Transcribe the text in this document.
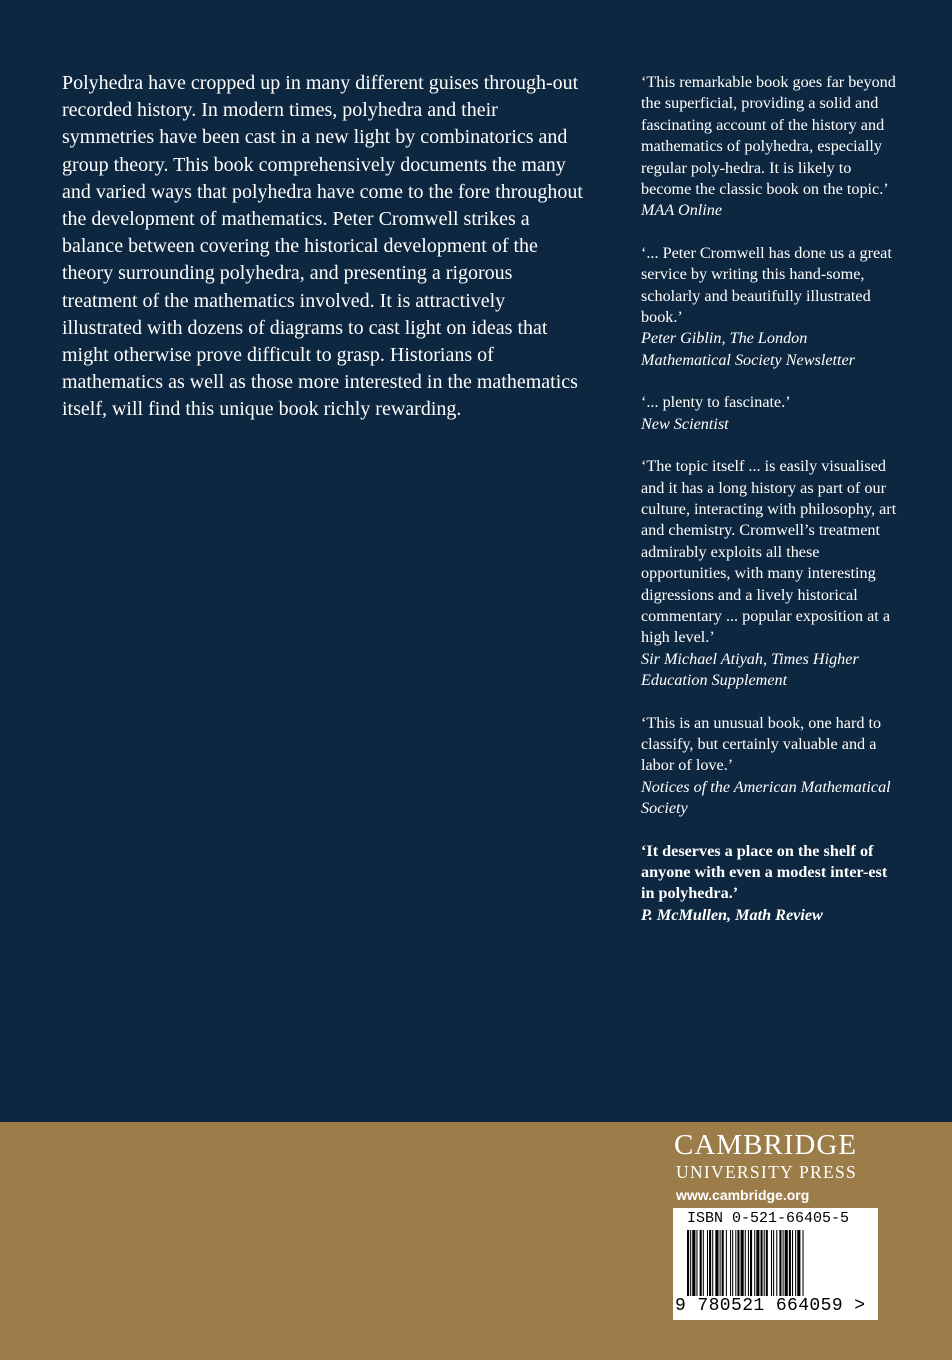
Polyhedra have cropped up in many different guises through-out recorded history. In modern times, polyhedra and their symmetries have been cast in a new light by combinatorics and group theory. This book comprehensively documents the many and varied ways that polyhedra have come to the fore throughout the development of mathematics. Peter Cromwell strikes a balance between covering the historical development of the theory surrounding polyhedra, and presenting a rigorous treatment of the mathematics involved. It is attractively illustrated with dozens of diagrams to cast light on ideas that might otherwise prove difficult to grasp. Historians of mathematics as well as those more interested in the mathematics itself, will find this unique book richly rewarding.

‘This remarkable book goes far beyond the superficial, providing a solid and fascinating account of the history and mathematics of polyhedra, especially regular poly-hedra. It is likely to become the classic book on the topic.’

MAA Online

‘... Peter Cromwell has done us a great service by writing this hand-some, scholarly and beautifully illustrated book.’

Peter Giblin, The London Mathematical Society Newsletter

‘... plenty to fascinate.’

New Scientist

‘The topic itself ... is easily visualised and it has a long history as part of our culture, interacting with philosophy, art and chemistry. Cromwell’s treatment admirably exploits all these opportunities, with many interesting digressions and a lively historical commentary ... popular exposition at a high level.’

Sir Michael Atiyah, Times Higher Education Supplement

‘This is an unusual book, one hard to classify, but certainly valuable and a labor of love.’

Notices of the American Mathematical Society

‘It deserves a place on the shelf of anyone with even a modest inter-est in polyhedra.’

P. McMullen, Math Review

CAMBRIDGE

UNIVERSITY PRESS

www.cambridge.org

ISBN 0-521-66405-5
9 780521 664059 >
